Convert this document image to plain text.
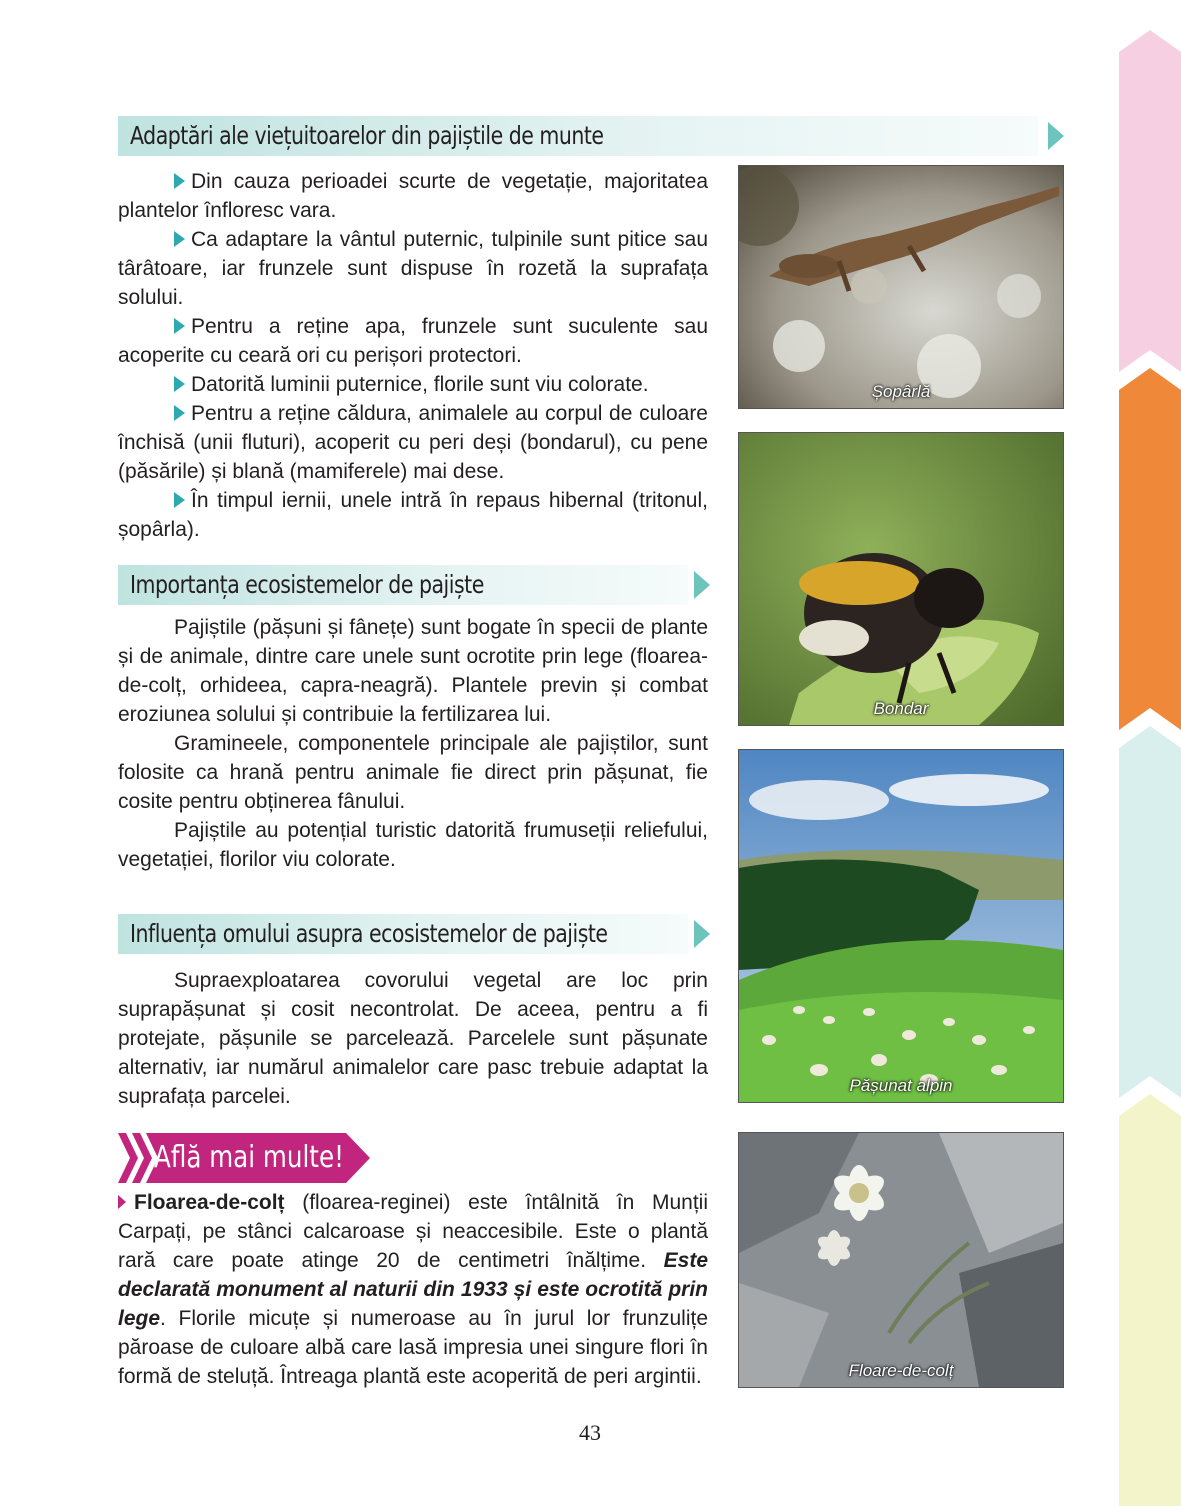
Adaptări ale viețuitoarelor din pajiștile de munte

Din cauza perioadei scurte de vegetație, majoritatea plantelor înfloresc vara.

Ca adaptare la vântul puternic, tulpinile sunt pitice sau târâtoare, iar frunzele sunt dispuse în rozetă la suprafața solului.

Pentru a reține apa, frunzele sunt suculente sau acoperite cu ceară ori cu perișori protectori.

Datorită luminii puternice, florile sunt viu colorate.

Pentru a reține căldura, animalele au corpul de culoare închisă (unii fluturi), acoperit cu peri deși (bondarul), cu pene (păsările) și blană (mamiferele) mai dese.

În timpul iernii, unele intră în repaus hibernal (tritonul, șopârla).

Importanța ecosistemelor de pajiște

Pajiștile (pășuni și fânețe) sunt bogate în specii de plante și de animale, dintre care unele sunt ocrotite prin lege (floarea-de-colț, orhideea, capra-neagră). Plantele previn și combat eroziunea solului și contribuie la fertilizarea lui.

Gramineele, componentele principale ale pajiștilor, sunt folosite ca hrană pentru animale fie direct prin pășunat, fie cosite pentru obținerea fânului.

Pajiștile au potențial turistic datorită frumuseții reliefului, vegetației, florilor viu colorate.

Influența omului asupra ecosistemelor de pajiște

Supraexploatarea covorului vegetal are loc prin suprapășunat și cosit necontrolat. De aceea, pentru a fi protejate, pășunile se parcelează. Parcelele sunt pășunate alternativ, iar numărul animalelor care pasc trebuie adaptat la suprafața parcelei.

Află mai multe!
Floarea-de-colț (floarea-reginei) este întâlnită în Munții Carpați, pe stânci calcaroase și neaccesibile. Este o plantă rară care poate atinge 20 de centimetri înălțime. Este declarată monument al naturii din 1933 și este ocrotită prin lege. Florile micuțe și numeroase au în jurul lor frunzulițe păroase de culoare albă care lasă impresia unei singure flori în formă de steluță. Întreaga plantă este acoperită de peri argintii.
Șopârlă
Bondar
Pășunat alpin
Floare-de-colț
43
